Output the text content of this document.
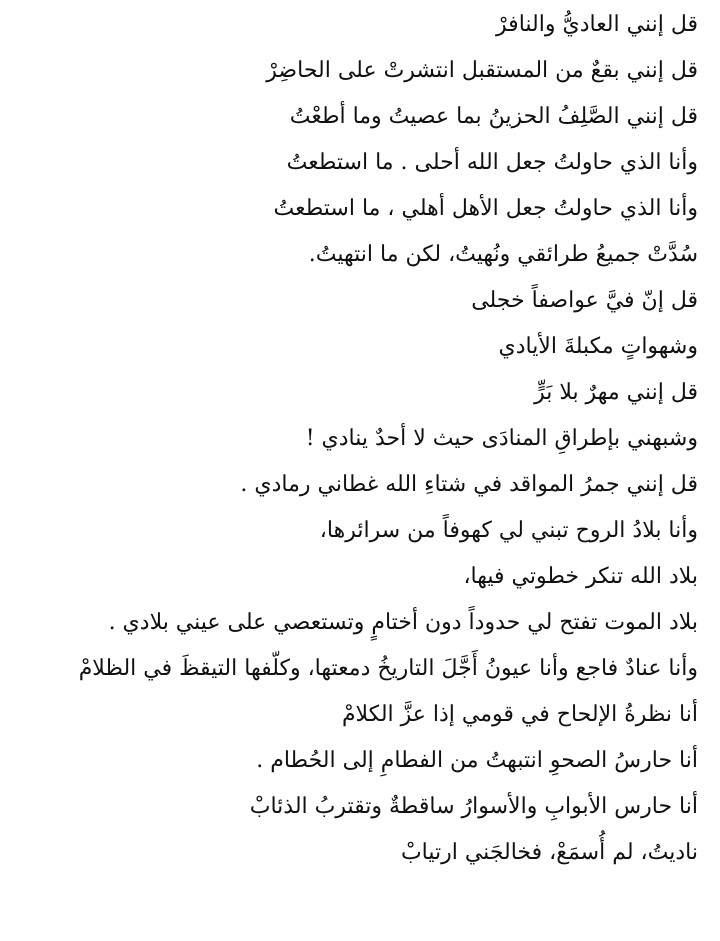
قل إنني العاديُّ والنافرْ
قل إنني بقعٌ من المستقبل انتشرتْ على الحاضِرْ
قل إنني الصَّلِفُ الحزينُ بما عصيتُ وما أطعْتُ
وأنا الذي حاولتُ جعل الله أحلى . ما استطعتُ
وأنا الذي حاولتُ جعل الأهل أهلي ، ما استطعتُ
سُدَّتْ جميعُ طرائقي ونُهيتُ، لكن ما انتهيتُ.
قل إنّ فيَّ عواصفاً خجلى
وشهواتٍ مكبلةَ الأيادي
قل إنني مهرٌ بلا بَرٍّ
وشبهني بإطراقِ المنادَى حيث لا أحدٌ ينادي !
قل إنني جمرُ المواقد في شتاءِ الله غطاني رمادي .
وأنا بلادُ الروح تبني لي كهوفاً من سرائرها،
بلاد الله تنكر خطوتي فيها،
بلاد الموت تفتح لي حدوداً دون أختامٍ وتستعصي على عيني بلادي .
وأنا عنادٌ فاجع وأنا عيونُ أَجَّلَ التاريخُ دمعتها، وكلّفها التيقظَ في الظلامْ
أنا نظرةُ الإلحاح في قومي إذا عزَّ الكلامْ
أنا حارسُ الصحوِ انتبهتُ من الفطامِ إلى الحُطام .
أنا حارس الأبوابِ والأسوارُ ساقطةٌ وتقتربُ الذئابْ
ناديتُ، لم أُسمَعْ، فخالجَني ارتيابْ
